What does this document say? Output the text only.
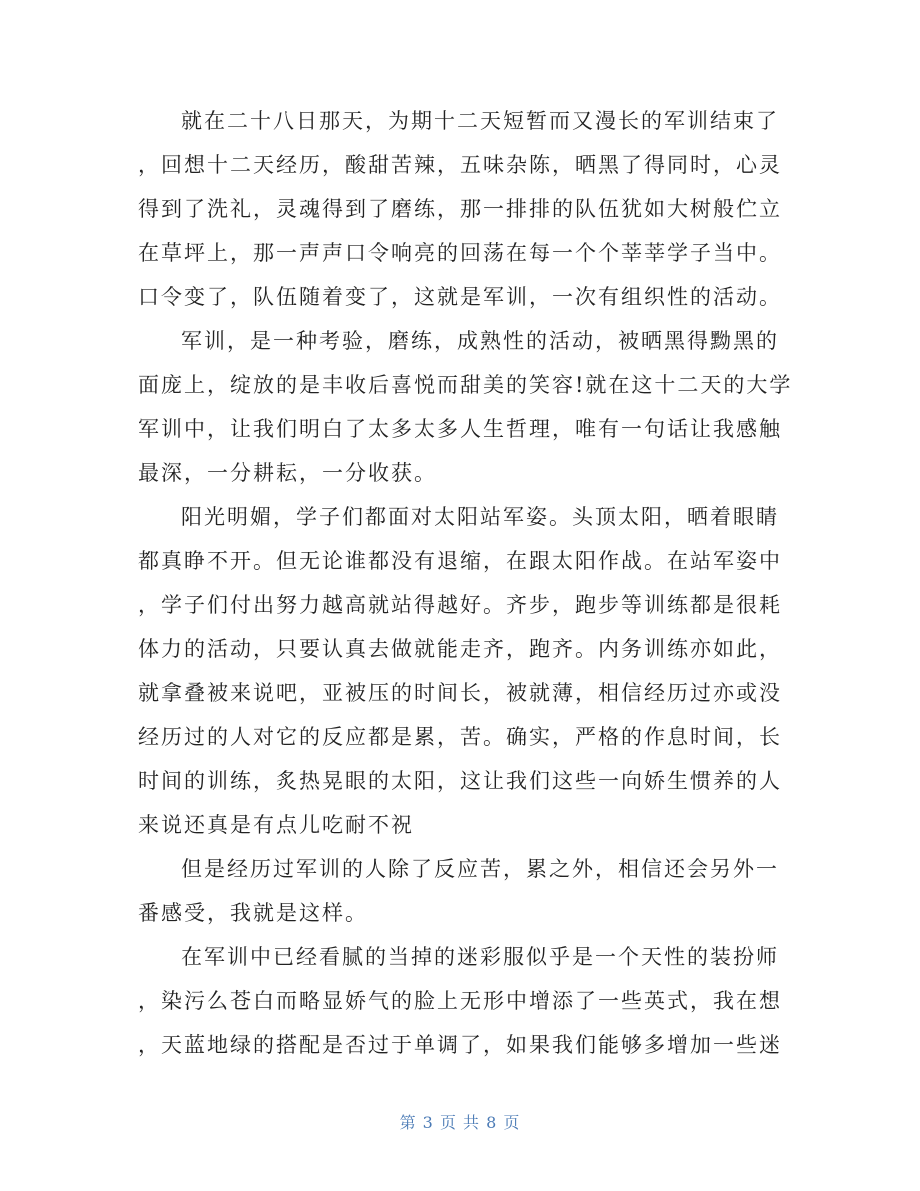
就在二十八日那天，为期十二天短暂而又漫长的军训结束了
，回想十二天经历，酸甜苦辣，五味杂陈，晒黑了得同时，心灵
得到了洗礼，灵魂得到了磨练，那一排排的队伍犹如大树般伫立
在草坪上，那一声声口令响亮的回荡在每一个个莘莘学子当中。
口令变了，队伍随着变了，这就是军训，一次有组织性的活动。
军训，是一种考验，磨练，成熟性的活动，被晒黑得黝黑的
面庞上，绽放的是丰收后喜悦而甜美的笑容!就在这十二天的大学
军训中，让我们明白了太多太多人生哲理，唯有一句话让我感触
最深，一分耕耘，一分收获。
阳光明媚，学子们都面对太阳站军姿。头顶太阳，晒着眼睛
都真睁不开。但无论谁都没有退缩，在跟太阳作战。在站军姿中
，学子们付出努力越高就站得越好。齐步，跑步等训练都是很耗
体力的活动，只要认真去做就能走齐，跑齐。内务训练亦如此，
就拿叠被来说吧，亚被压的时间长，被就薄，相信经历过亦或没
经历过的人对它的反应都是累，苦。确实，严格的作息时间，长
时间的训练，炙热晃眼的太阳，这让我们这些一向娇生惯养的人
来说还真是有点儿吃耐不祝
但是经历过军训的人除了反应苦，累之外，相信还会另外一
番感受，我就是这样。
在军训中已经看腻的当掉的迷彩服似乎是一个天性的装扮师
，染污么苍白而略显娇气的脸上无形中增添了一些英式，我在想
，天蓝地绿的搭配是否过于单调了，如果我们能够多增加一些迷
第 3 页 共 8 页
